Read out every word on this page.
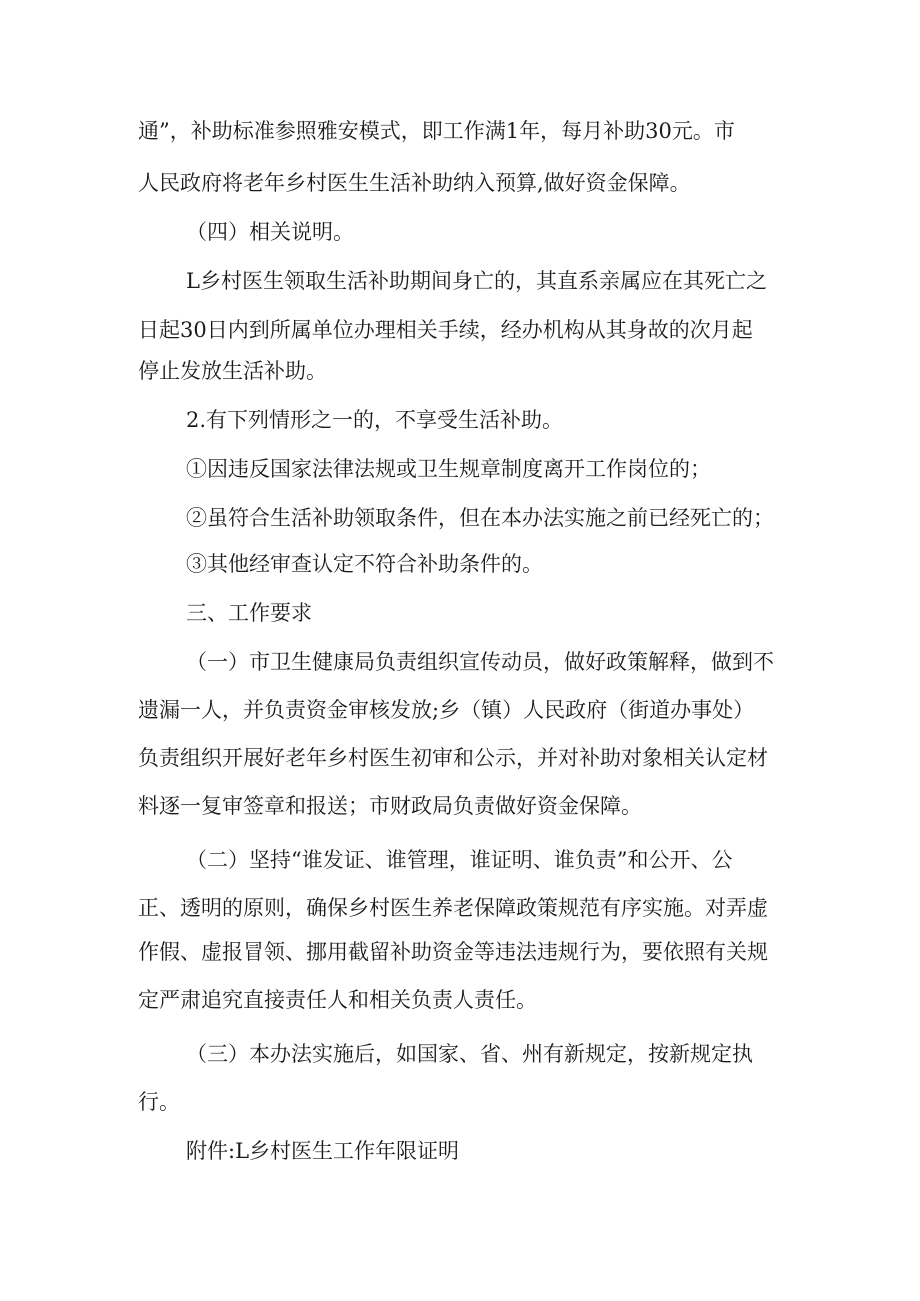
通”，补助标准参照雅安模式，即工作满1年，每月补助30元。市
人民政府将老年乡村医生生活补助纳入预算,做好资金保障。
（四）相关说明。
L乡村医生领取生活补助期间身亡的，其直系亲属应在其死亡之
日起30日内到所属单位办理相关手续，经办机构从其身故的次月起
停止发放生活补助。
2.有下列情形之一的，不享受生活补助。
①因违反国家法律法规或卫生规章制度离开工作岗位的；
②虽符合生活补助领取条件，但在本办法实施之前已经死亡的；
③其他经审查认定不符合补助条件的。
三、工作要求
（一）市卫生健康局负责组织宣传动员，做好政策解释，做到不
遗漏一人，并负责资金审核发放;乡（镇）人民政府（街道办事处）
负责组织开展好老年乡村医生初审和公示，并对补助对象相关认定材
料逐一复审签章和报送；市财政局负责做好资金保障。
（二）坚持“谁发证、谁管理，谁证明、谁负责”和公开、公
正、透明的原则，确保乡村医生养老保障政策规范有序实施。对弄虚
作假、虚报冒领、挪用截留补助资金等违法违规行为，要依照有关规
定严肃追究直接责任人和相关负责人责任。
（三）本办法实施后，如国家、省、州有新规定，按新规定执
行。
附件:L乡村医生工作年限证明
